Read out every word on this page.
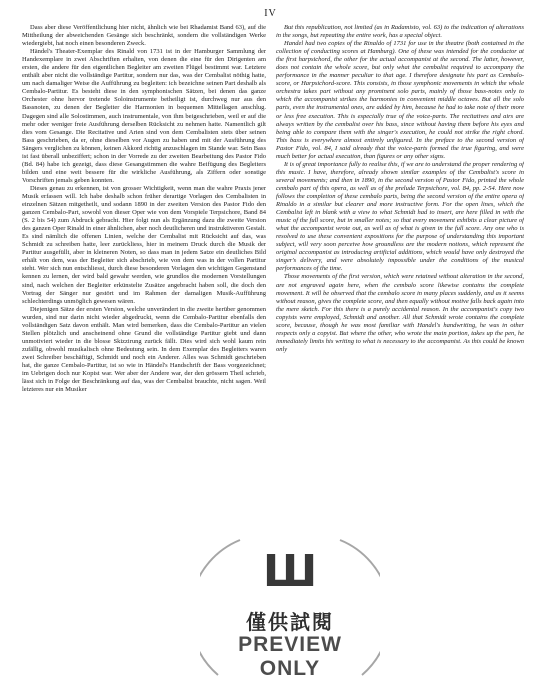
IV

Dass aber diese Veröffentlichung hier nicht, ähnlich wie bei Rhadamist Band 63), auf die Mittheilung der abweichenden Gesänge sich beschränkt, sondern die vollständigen Werke wiedergiebt, hat noch einen besonderen Zweck.

Händel's Theater-Exemplar des Rinald von 1731 ist in der Hamburger Sammlung der Handexemplare in zwei Abschriften erhalten, von denen die eine für den Dirigenten am ersten, die andere für den eigentlichen Begleiter am zweiten Flügel bestimmt war. Letztere enthält aber nicht die vollständige Partitur, sondern nur das, was der Cembalist nöthig hatte, um nach damaliger Weise die Aufführung zu begleiten: ich bezeichne seinen Part deshalb als Cembalo-Partitur. Es besteht diese in den symphonischen Sätzen, bei denen das ganze Orchester ohne hervor tretende Soloinstrumente betheiligt ist, durchweg nur aus den Bassnoten, zu denen der Begleiter die Harmonien in bequemen Mittellagen anschlug. Dagegen sind alle Solostimmen, auch instrumentale, von ihm beigeschrieben, weil er auf die mehr oder weniger freie Ausführung derselben Rücksicht zu nehmen hatte. Namentlich gilt dies vom Gesange. Die Recitative und Arien sind von dem Cembalisten stets über seinen Bass geschrieben, da er, ohne dieselben vor Augen zu haben und mit der Ausführung des Sängers verglichen zu können, keinen Akkord richtig anzuschlagen im Stande war. Sein Bass ist fast überall unbeziffert; schon in der Vorrede zu der zweiten Bearbeitung des Pastor Fido (Bd. 84) habe ich gezeigt, dass diese Gesangstimmen die wahre Beifügung des Begleiters bilden und eine weit bessere für die wirkliche Ausführung, als Ziffern oder sonstige Vorschriften jemals geben konnten.

Dieses genau zu erkennen, ist von grosser Wichtigkeit, wenn man die wahre Praxis jener Musik erfassen will. Ich habe deshalb schon früher derartige Vorlagen des Cembalisten in einzelnen Sätzen mitgetheilt, und sodann 1890 in der zweiten Version des Pastor Fido den ganzen Cembalo-Part, sowohl von dieser Oper wie von dem Vorspiele Terpsichore, Band 84 (S. 2 bis 54) zum Abdruck gebracht. Hier folgt nun als Ergänzung dazu die zweite Version des ganzen Oper Rinald in einer ähnlichen, aber noch deutlicheren und instruktiveren Gestalt. Es sind nämlich die offenen Linien, welche der Cembalist mit Rücksicht auf das, was Schmidt zu schreiben hatte, leer zurückliess, hier in meinem Druck durch die Musik der Partitur ausgefüllt, aber in kleineren Noten, so dass man in jedem Satze ein deutliches Bild erhält von dem, was der Begleiter sich abschrieb, wie von dem was in der vollen Partitur steht. Wer sich nun entschliesst, durch diese besonderen Vorlagen den wichtigen Gegenstand kennen zu lernen, der wird bald gewahr werden, wie grundlos die modernen Vorstellungen sind, nach welchen der Begleiter erkünstelte Zusätze angebracht haben soll, die doch den Vortrag der Sänger nur gestört und im Rahmen der damaligen Musik-Aufführung schlechterdings unmöglich gewesen wären.

Diejenigen Sätze der ersten Version, welche unverändert in die zweite herüber genommen wurden, sind nur darin nicht wieder abgedruckt, wenn die Cembalo-Partitur ebenfalls den vollständigen Satz davon enthält. Man wird bemerken, dass die Cembalo-Partitur an vielen Stellen plötzlich und anscheinend ohne Grund die vollständige Partitur giebt und dann unmotiviert wieder in die blosse Skizzirung zurück fällt. Dies wird sich wohl kaum rein zufällig, obwohl musikalisch ohne Bedeutung sein. In dem Exemplar des Begleiters waren zwei Schreiber beschäftigt, Schmidt und noch ein Anderer. Alles was Schmidt geschrieben hat, die ganze Cembalo-Partitur, ist so wie in Händel's Handschrift der Bass vorgezeichnet; im Uebrigen doch nur Kopist war. Wer aber der Andere war, der den grössern Theil schrieb, lässt sich in Folge der Beschränkung auf das, was der Cembalist brauchte, nicht sagen. Weil letzteres nur ein Musiker

But this republication, not limited (as in Radamisto, vol. 63) to the indication of alterations in the songs, but repeating the entire work, has a special object.

Handel had two copies of the Rinaldo of 1731 for use in the theatre (both contained in the collection of conducting scores at Hamburg). One of these was intended for the conductor at the first harpsichord, the other for the actual accompanist at the second. The latter, however, does not contain the whole score, but only what the cembalist required to accompany the performance in the manner peculiar to that age. I therefore designate his part as Cembalo-score, or Harpsichord-score. This consists, in those symphonic movements in which the whole orchestra takes part without any prominent solo parts, mainly of those bass-notes only to which the accompanist strikes the harmonies in convenient middle octaves. But all the solo parts, even the instrumental ones, are added by him, because he had to take note of their more or less free execution. This is especially true of the voice-parts. The recitatives and airs are always written by the cembalist over his bass, since without having them before his eyes and being able to compare them with the singer's execution, he could not strike the right chord. This bass is everywhere almost entirely unfigured. In the preface to the second version of Pastor Fido, vol. 84, I said already that the voice-parts formed the true figuring, and were much better for actual execution, than figures or any other signs.

It is of great importance fully to realise this, if we are to understand the proper rendering of this music. I have, therefore, already shown similar examples of the Cembalist's score in several movements; and then in 1890, in the second version of Pastor Fido, printed the whole cembalo part of this opera, as well as of the prelude Terpsichore, vol. 84, pp. 2-54. Here now follows the completion of these cembalo parts, being the second version of the entire opera of Rinaldo in a similar but clearer and more instructive form. For the open lines, which the Cembalist left in blank with a view to what Schmidt had to insert, are here filled in with the music of the full score, but in smaller notes; so that every movement exhibits a clear picture of what the accompanist wrote out, as well as of what is given in the full score. Any one who is resolved to use these convenient expositions for the purpose of understanding this important subject, will very soon perceive how groundless are the modern notions, which represent the original accompanist as introducing artificial additions, which would have only destroyed the singer's delivery, and were absolutely impossible under the conditions of the musical performances of the time.

Those movements of the first version, which were retained without alteration in the second, are not engraved again here, when the cembalo score likewise contains the complete movement. It will be observed that the cembalo score in many places suddenly, and as it seems without reason, gives the complete score, and then equally without motive falls back again into the mere sketch. For this there is a purely accidental reason. In the accompanist's copy two copyists were employed, Schmidt and another. All that Schmidt wrote contains the complete score, because, though he was most familiar with Handel's handwriting, he was in other respects only a copyist. But where the other, who wrote the main portion, takes up the pen, he immediately limits his writing to what is necessary to the accompanist. As this could be known only

Ш
僅供試閱
PREVIEW
ONLY
